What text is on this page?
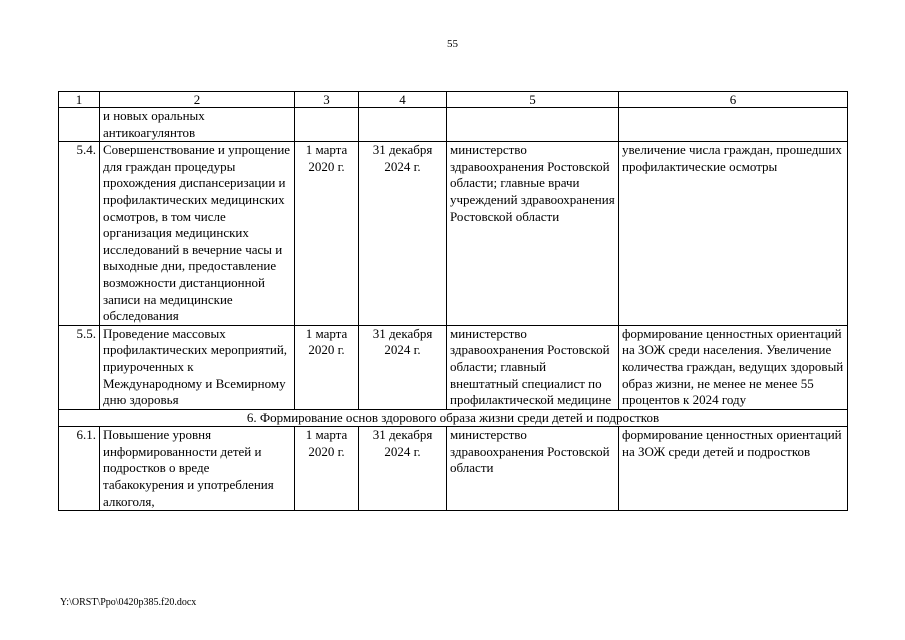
55
1	2	3	4	5	6
	и новых оральных антикоагулянтов				
5.4.	Совершенствование и упрощение для граждан процедуры прохождения диспансеризации и профилактических медицинских осмотров, в том числе организация медицинских исследований в вечерние часы и выходные дни, предоставление возможности дистанционной записи на медицинские обследования	1 марта 2020 г.	31 декабря 2024 г.	министерство здравоохранения Ростовской области; главные врачи учреждений здравоохранения Ростовской области	увеличение числа граждан, прошедших профилактические осмотры
5.5.	Проведение массовых профилактических мероприятий, приуроченных к Международному и Всемирному дню здоровья	1 марта 2020 г.	31 декабря 2024 г.	министерство здравоохранения Ростовской области; главный внештатный специалист по профилактической медицине	формирование ценностных ориентаций на ЗОЖ среди населения. Увеличение количества граждан, ведущих здоровый образ жизни, не менее не менее 55 процентов к 2024 году
6. Формирование основ здорового образа жизни среди детей и подростков					
6.1.	Повышение уровня информированности детей и подростков о вреде табакокурения и употребления алкоголя,	1 марта 2020 г.	31 декабря 2024 г.	министерство здравоохранения Ростовской области	формирование ценностных ориентаций на ЗОЖ среди детей и подростков
Y:\ORST\Ppo\0420p385.f20.docx
